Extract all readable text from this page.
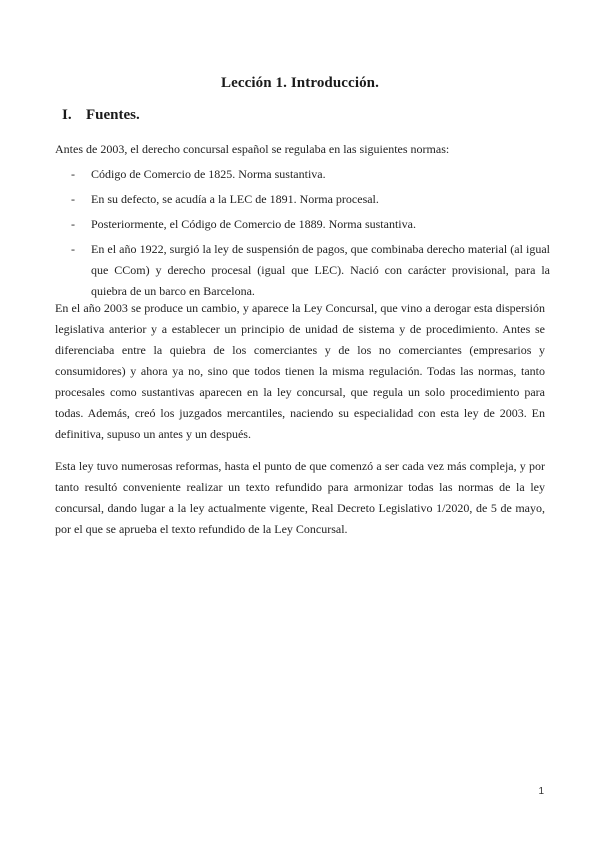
Lección 1. Introducción.
I. Fuentes.
Antes de 2003, el derecho concursal español se regulaba en las siguientes normas:
- Código de Comercio de 1825. Norma sustantiva.
- En su defecto, se acudía a la LEC de 1891. Norma procesal.
- Posteriormente, el Código de Comercio de 1889. Norma sustantiva.
- En el año 1922, surgió la ley de suspensión de pagos, que combinaba derecho material (al igual que CCom) y derecho procesal (igual que LEC). Nació con carácter provisional, para la quiebra de un barco en Barcelona.
En el año 2003 se produce un cambio, y aparece la Ley Concursal, que vino a derogar esta dispersión legislativa anterior y a establecer un principio de unidad de sistema y de procedimiento. Antes se diferenciaba entre la quiebra de los comerciantes y de los no comerciantes (empresarios y consumidores) y ahora ya no, sino que todos tienen la misma regulación. Todas las normas, tanto procesales como sustantivas aparecen en la ley concursal, que regula un solo procedimiento para todas. Además, creó los juzgados mercantiles, naciendo su especialidad con esta ley de 2003. En definitiva, supuso un antes y un después.
Esta ley tuvo numerosas reformas, hasta el punto de que comenzó a ser cada vez más compleja, y por tanto resultó conveniente realizar un texto refundido para armonizar todas las normas de la ley concursal, dando lugar a la ley actualmente vigente, Real Decreto Legislativo 1/2020, de 5 de mayo, por el que se aprueba el texto refundido de la Ley Concursal.
1
